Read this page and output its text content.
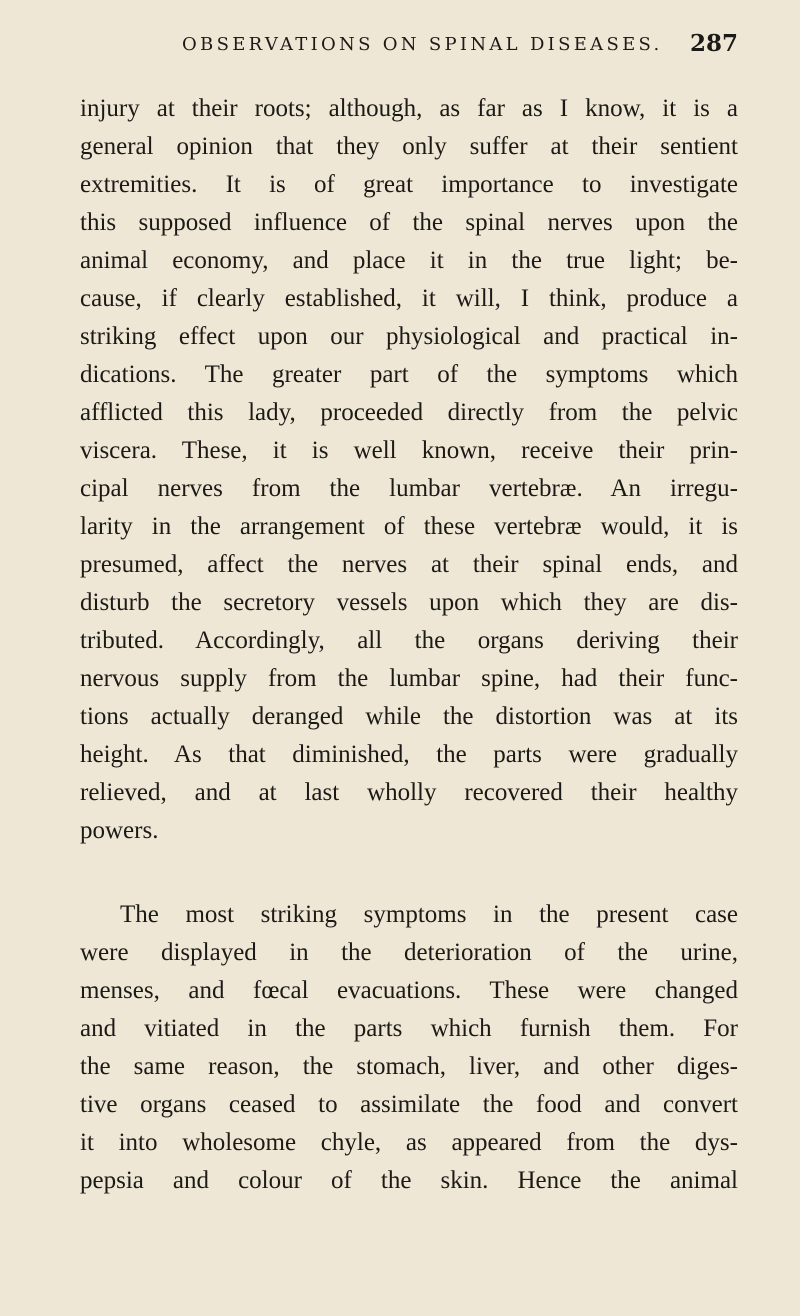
OBSERVATIONS ON SPINAL DISEASES. 287
injury at their roots; although, as far as I know, it is a
general opinion that they only suffer at their sentient
extremities. It is of great importance to investigate
this supposed influence of the spinal nerves upon the
animal economy, and place it in the true light; be-
cause, if clearly established, it will, I think, produce a
striking effect upon our physiological and practical in-
dications. The greater part of the symptoms which
afflicted this lady, proceeded directly from the pelvic
viscera. These, it is well known, receive their prin-
cipal nerves from the lumbar vertebræ. An irregu-
larity in the arrangement of these vertebræ would, it is
presumed, affect the nerves at their spinal ends, and
disturb the secretory vessels upon which they are dis-
tributed. Accordingly, all the organs deriving their
nervous supply from the lumbar spine, had their func-
tions actually deranged while the distortion was at its
height. As that diminished, the parts were gradually
relieved, and at last wholly recovered their healthy
powers.
The most striking symptoms in the present case
were displayed in the deterioration of the urine,
menses, and fœcal evacuations. These were changed
and vitiated in the parts which furnish them. For
the same reason, the stomach, liver, and other diges-
tive organs ceased to assimilate the food and convert
it into wholesome chyle, as appeared from the dys-
pepsia and colour of the skin. Hence the animal
